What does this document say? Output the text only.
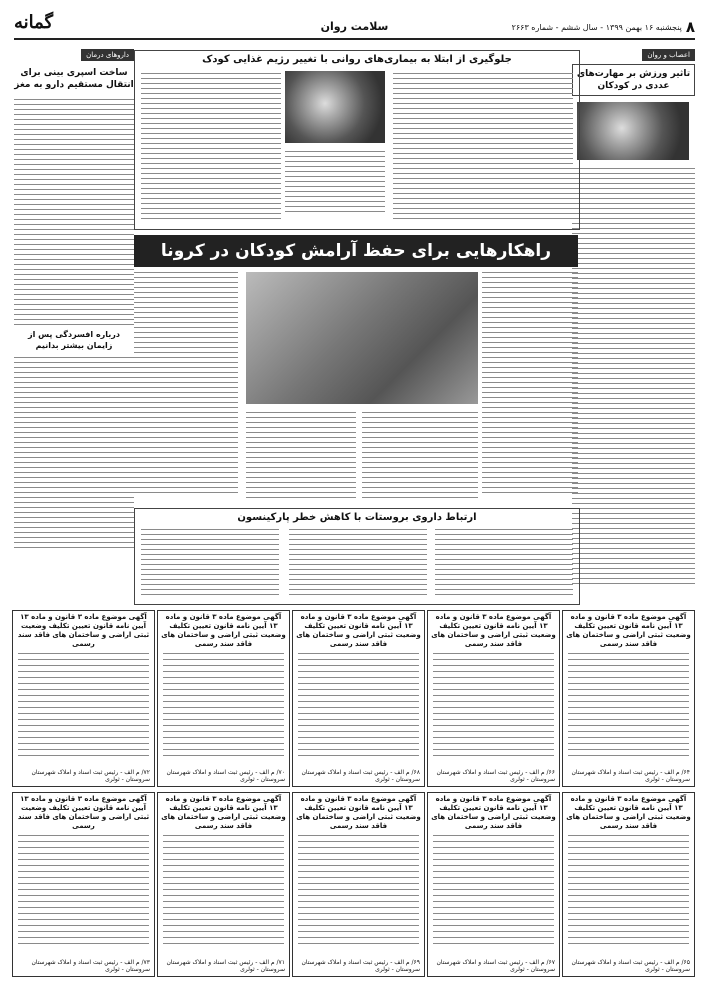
۸
پنجشنبه ۱۶ بهمن ۱۳۹۹ - سال ششم - شماره ۲۶۶۳
سلامت روان
گمانه
اعصاب و روان
تاثیر ورزش بر مهارت‌های عددی در کودکان
دارو‌های درمان
ساخت اسپری بینی برای انتقال مستقیم دارو به مغز
درباره افسردگی پس از زایمان بیشتر بدانیم
جلوگیری از ابتلا به بیماری‌های روانی با تغییر رژیم غذایی کودک
راهکارهایی برای حفظ آرامش کودکان در کرونا
ارتباط داروی بروستات با کاهش خطر پارکینسون
آگهی موضوع ماده ۳ قانون و ماده ۱۳ آیین نامه قانون تعیین تکلیف وضعیت ثبتی اراضی و ساختمان های فاقد سند رسمی
۶۴/ م الف - رئیس ثبت اسناد و املاک شهرستان سروستان - ثولری
آگهی موضوع ماده ۳ قانون و ماده ۱۳ آیین نامه قانون تعیین تکلیف وضعیت ثبتی اراضی و ساختمان های فاقد سند رسمی
۶۶/ م الف - رئیس ثبت اسناد و املاک شهرستان سروستان - ثولری
آگهی موضوع ماده ۳ قانون و ماده ۱۳ آیین نامه قانون تعیین تکلیف وضعیت ثبتی اراضی و ساختمان های فاقد سند رسمی
۶۸/ م الف - رئیس ثبت اسناد و املاک شهرستان سروستان - ثولری
آگهی موضوع ماده ۳ قانون و ماده ۱۳ آیین نامه قانون تعیین تکلیف وضعیت ثبتی اراضی و ساختمان های فاقد سند رسمی
۷۰/ م الف - رئیس ثبت اسناد و املاک شهرستان سروستان - ثولری
آگهی موضوع ماده ۳ قانون و ماده ۱۳ آیین نامه قانون تعیین تکلیف وضعیت ثبتی اراضی و ساختمان های فاقد سند رسمی
۷۲/ م الف - رئیس ثبت اسناد و املاک شهرستان سروستان - ثولری
آگهی موضوع ماده ۳ قانون و ماده ۱۳ آیین نامه قانون تعیین تکلیف وضعیت ثبتی اراضی و ساختمان های فاقد سند رسمی
۶۵/ م الف - رئیس ثبت اسناد و املاک شهرستان سروستان - ثولری
آگهی موضوع ماده ۳ قانون و ماده ۱۳ آیین نامه قانون تعیین تکلیف وضعیت ثبتی اراضی و ساختمان های فاقد سند رسمی
۶۷/ م الف - رئیس ثبت اسناد و املاک شهرستان سروستان - ثولری
آگهی موضوع ماده ۳ قانون و ماده ۱۳ آیین نامه قانون تعیین تکلیف وضعیت ثبتی اراضی و ساختمان های فاقد سند رسمی
۶۹/ م الف - رئیس ثبت اسناد و املاک شهرستان سروستان - ثولری
آگهی موضوع ماده ۳ قانون و ماده ۱۳ آیین نامه قانون تعیین تکلیف وضعیت ثبتی اراضی و ساختمان های فاقد سند رسمی
۷۱/ م الف - رئیس ثبت اسناد و املاک شهرستان سروستان - ثولری
آگهی موضوع ماده ۳ قانون و ماده ۱۳ آیین نامه قانون تعیین تکلیف وضعیت ثبتی اراضی و ساختمان های فاقد سند رسمی
۷۳/ م الف - رئیس ثبت اسناد و املاک شهرستان سروستان - ثولری
